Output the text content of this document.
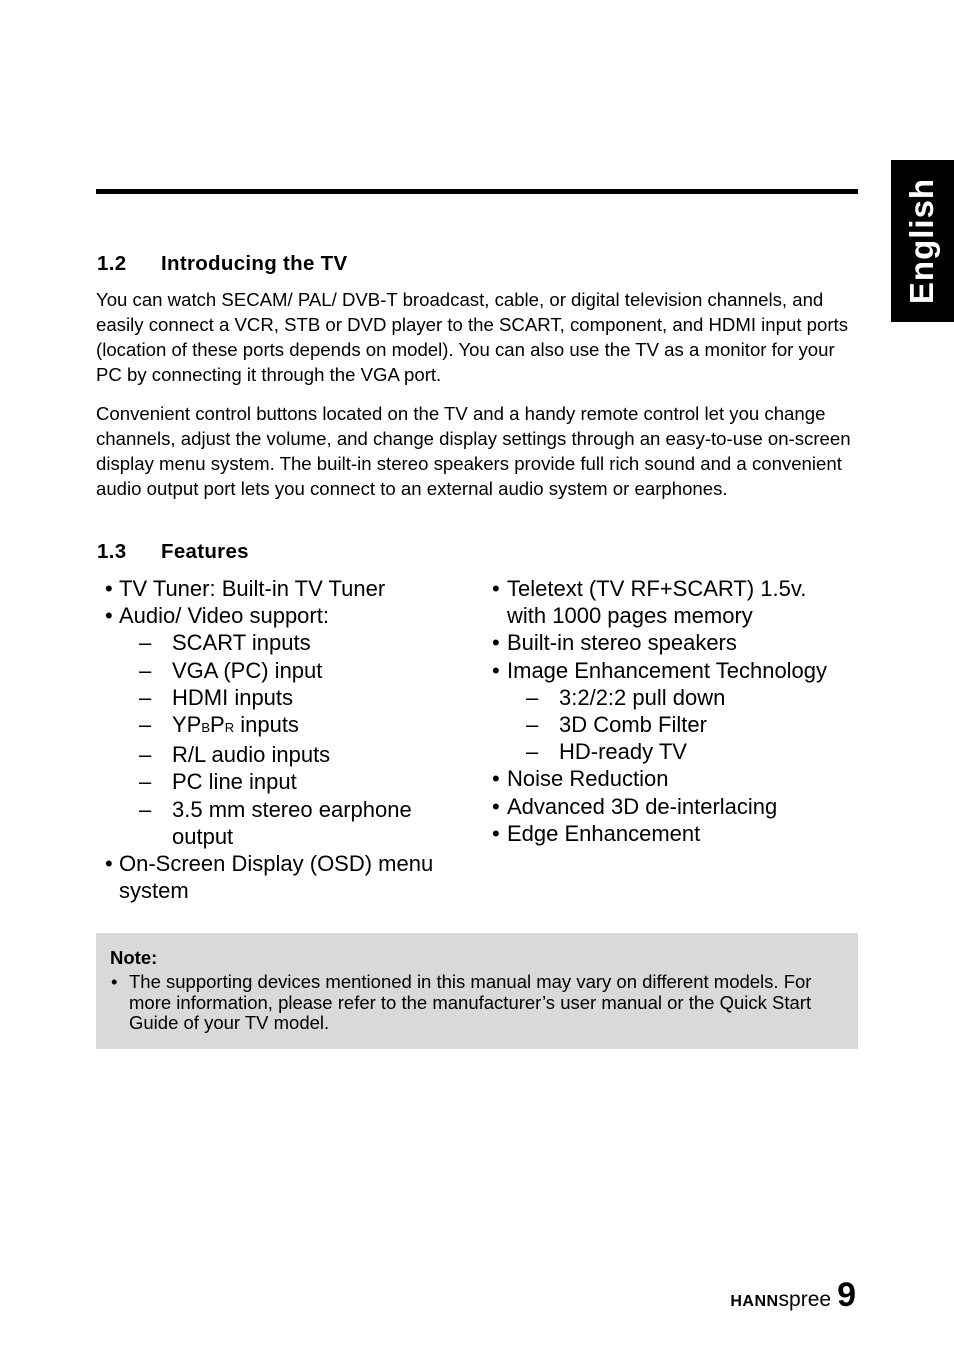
English
1.2 Introducing the TV

You can watch SECAM/ PAL/ DVB-T broadcast, cable, or digital television channels, and easily connect a VCR, STB or DVD player to the SCART, component, and HDMI input ports (location of these ports depends on model). You can also use the TV as a monitor for your PC by connecting it through the VGA port.

Convenient control buttons located on the TV and a handy remote control let you change channels, adjust the volume, and change display settings through an easy-to-use on-screen display menu system. The built-in stereo speakers provide full rich sound and a convenient audio output port lets you connect to an external audio system or earphones.

1.3 Features
• TV Tuner: Built-in TV Tuner
• Audio/ Video support:
– SCART inputs
– VGA (PC) input
– HDMI inputs
– YPBPR inputs
– R/L audio inputs
– PC line input
– 3.5 mm stereo earphone output
• On-Screen Display (OSD) menu system
• Teletext (TV RF+SCART) 1.5v. with 1000 pages memory
• Built-in stereo speakers
• Image Enhancement Technology
– 3:2/2:2 pull down
– 3D Comb Filter
– HD-ready TV
• Noise Reduction
• Advanced 3D de-interlacing
• Edge Enhancement
Note:
• The supporting devices mentioned in this manual may vary on different models. For more information, please refer to the manufacturer’s user manual or the Quick Start Guide of your TV model.
HANN spree 9
